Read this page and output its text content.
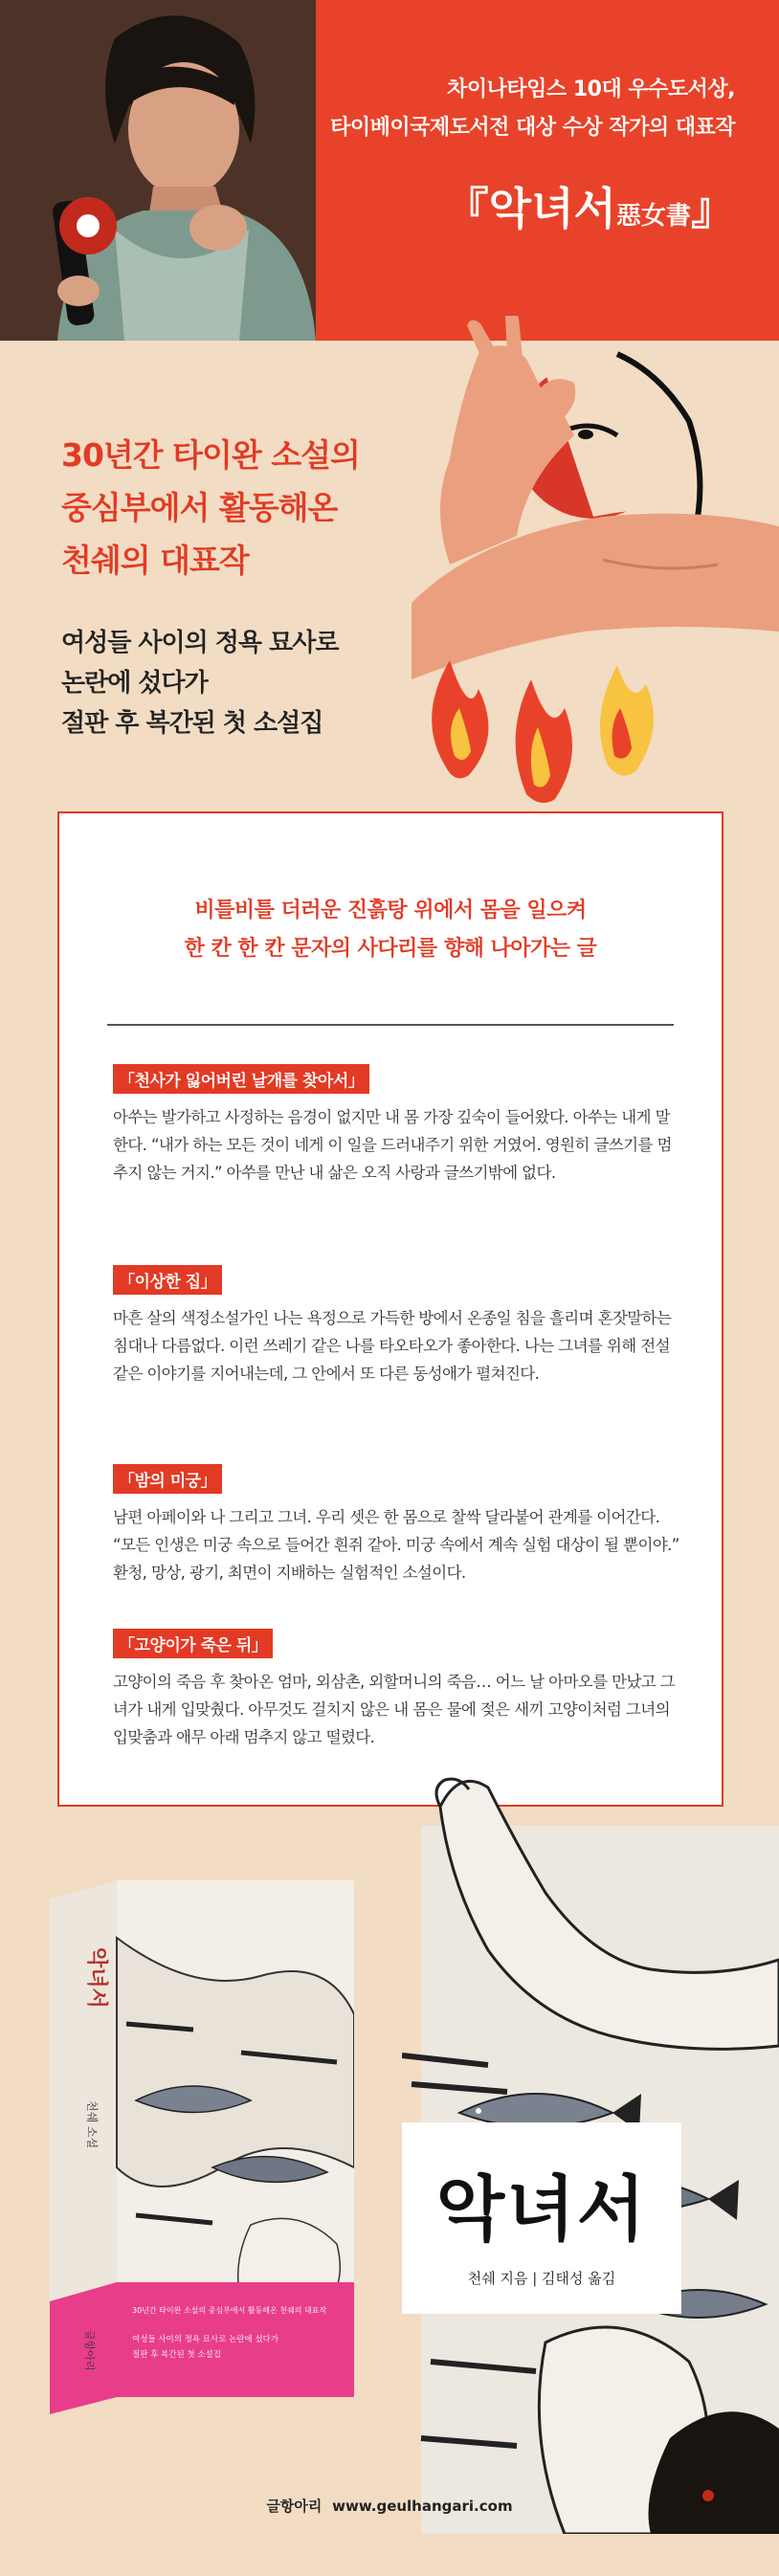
차이나타임스 10대 우수도서상,
타이베이국제도서전 대상 수상 작가의 대표작
『악녀서惡女書』
30년간 타이완 소설의
중심부에서 활동해온
천쉐의 대표작
여성들 사이의 정욕 묘사로
논란에 섰다가
절판 후 복간된 첫 소설집
비틀비틀 더러운 진흙탕 위에서 몸을 일으켜
한 칸 한 칸 문자의 사다리를 향해 나아가는 글
「천사가 잃어버린 날개를 찾아서」

아쑤는 발가하고 사정하는 음경이 없지만 내 몸 가장 깊숙이 들어왔다. 아쑤는 내게 말한다. “내가 하는 모든 것이 네게 이 일을 드러내주기 위한 거였어. 영원히 글쓰기를 멈추지 않는 거지.” 아쑤를 만난 내 삶은 오직 사랑과 글쓰기밖에 없다.

「이상한 집」

마흔 살의 색정소설가인 나는 욕정으로 가득한 방에서 온종일 침을 흘리며 혼잣말하는 침대나 다름없다. 이런 쓰레기 같은 나를 타오타오가 좋아한다. 나는 그녀를 위해 전설 같은 이야기를 지어내는데, 그 안에서 또 다른 동성애가 펼쳐진다.

「밤의 미궁」

남편 아페이와 나 그리고 그녀. 우리 셋은 한 몸으로 찰싹 달라붙어 관계를 이어간다. “모든 인생은 미궁 속으로 들어간 흰쥐 같아. 미궁 속에서 계속 실험 대상이 될 뿐이야.” 환청, 망상, 광기, 최면이 지배하는 실험적인 소설이다.

「고양이가 죽은 뒤」

고양이의 죽음 후 찾아온 엄마, 외삼촌, 외할머니의 죽음… 어느 날 아마오를 만났고 그녀가 내게 입맞췄다. 아무것도 걸치지 않은 내 몸은 물에 젖은 새끼 고양이처럼 그녀의 입맞춤과 애무 아래 멈추지 않고 떨렸다.

악녀서
천쉐 지음 | 김태성 옮김
악녀서
천쉐 소설
글항아리
30년간 타이완 소설의 중심부에서 활동해온 천쉐의 대표작
여성들 사이의 정욕 묘사로 논란에 섰다가
절판 후 복간된 첫 소설집
글항아리 www.geulhangari.com
